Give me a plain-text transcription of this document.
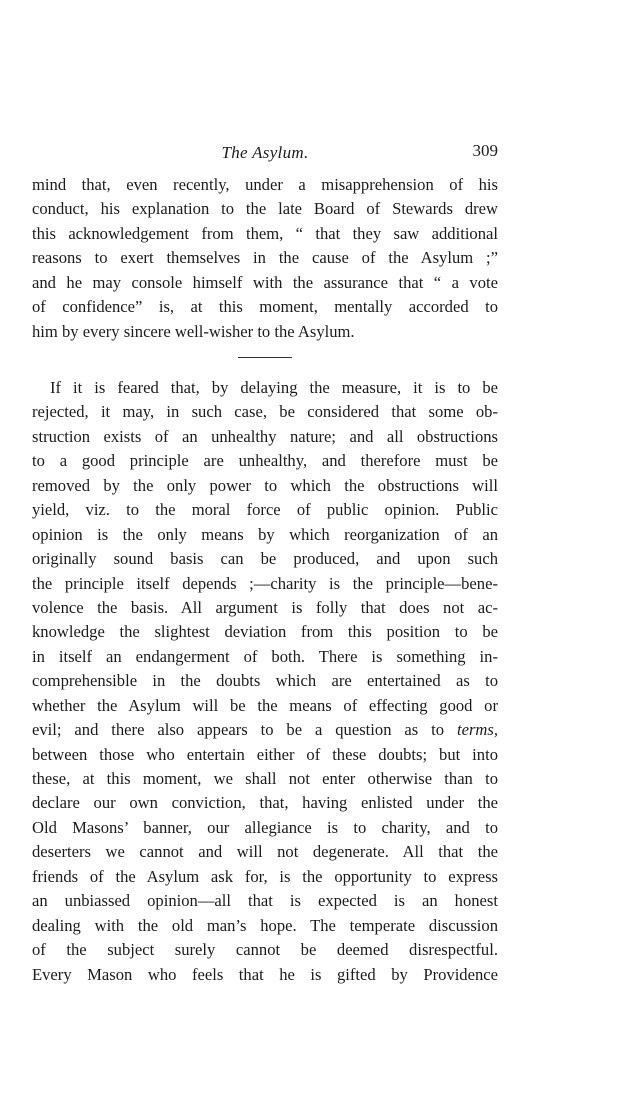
The Asylum.	309
mind that, even recently, under a misapprehension of his
conduct, his explanation to the late Board of Stewards drew
this acknowledgement from them, “ that they saw additional
reasons to exert themselves in the cause of the Asylum ;”
and he may console himself with the assurance that “ a vote
of confidence” is, at this moment, mentally accorded to
him by every sincere well-wisher to the Asylum.
If it is feared that, by delaying the measure, it is to be
rejected, it may, in such case, be considered that some ob-
struction exists of an unhealthy nature; and all obstructions
to a good principle are unhealthy, and therefore must be
removed by the only power to which the obstructions will
yield, viz. to the moral force of public opinion. Public
opinion is the only means by which reorganization of an
originally sound basis can be produced, and upon such
the principle itself depends ;—charity is the principle—bene-
volence the basis. All argument is folly that does not ac-
knowledge the slightest deviation from this position to be
in itself an endangerment of both. There is something in-
comprehensible in the doubts which are entertained as to
whether the Asylum will be the means of effecting good or
evil; and there also appears to be a question as to terms,
between those who entertain either of these doubts; but into
these, at this moment, we shall not enter otherwise than to
declare our own conviction, that, having enlisted under the
Old Masons’ banner, our allegiance is to charity, and to
deserters we cannot and will not degenerate. All that the
friends of the Asylum ask for, is the opportunity to express
an unbiassed opinion—all that is expected is an honest
dealing with the old man’s hope. The temperate discussion
of the subject surely cannot be deemed disrespectful.
Every Mason who feels that he is gifted by Providence
